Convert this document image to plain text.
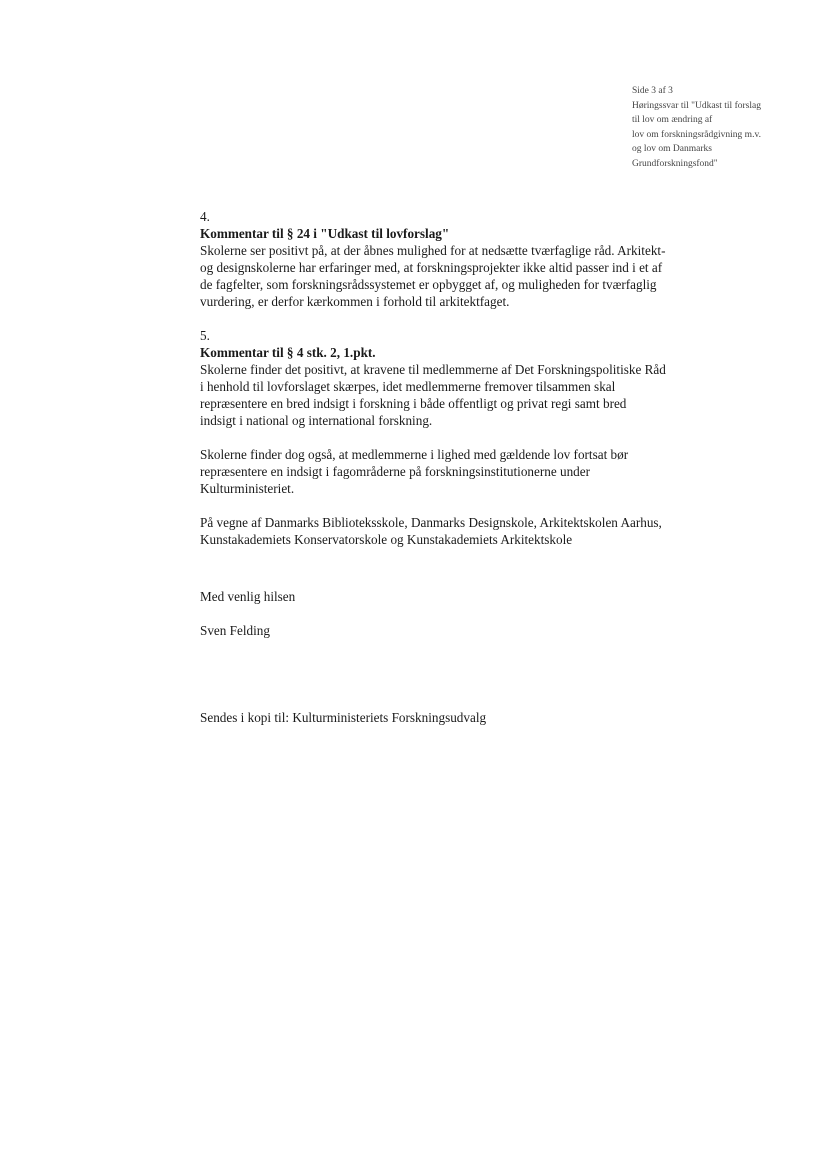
Side 3 af 3
Høringssvar til "Udkast til forslag
til lov om ændring af
lov om forskningsrådgivning m.v.
og lov om Danmarks
Grundforskningsfond"

4.

Kommentar til § 24 i "Udkast til lovforslag"

Skolerne ser positivt på, at der åbnes mulighed for at nedsætte tværfaglige råd. Arkitekt-

og designskolerne har erfaringer med, at forskningsprojekter ikke altid passer ind i et af

de fagfelter, som forskningsrådssystemet er opbygget af, og muligheden for tværfaglig

vurdering, er derfor kærkommen i forhold til arkitektfaget.

5.

Kommentar til § 4 stk. 2, 1.pkt.

Skolerne finder det positivt, at kravene til medlemmerne af Det Forskningspolitiske Råd

i henhold til lovforslaget skærpes, idet medlemmerne fremover tilsammen skal

repræsentere en bred indsigt i forskning i både offentligt og privat regi samt bred

indsigt i national og international forskning.

Skolerne finder dog også, at medlemmerne i lighed med gældende lov fortsat bør

repræsentere en indsigt i fagområderne på forskningsinstitutionerne under

Kulturministeriet.

På vegne af Danmarks Biblioteksskole, Danmarks Designskole, Arkitektskolen Aarhus,

Kunstakademiets Konservatorskole og Kunstakademiets Arkitektskole

Med venlig hilsen

Sven Felding

Sendes i kopi til: Kulturministeriets Forskningsudvalg
